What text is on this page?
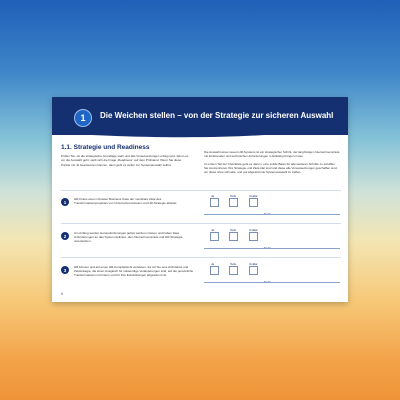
1	Die Weichen stellen – von der Strategie zur sicheren Auswahl
1.1. Strategie und Readiness
Prüfen Sie, ob die strategische Grundlage steht und alle Voraussetzungen erfolgt sind. Wenn es um die Auswahl geht, stellt sich die Frage „Readiness“ auf dem Prüfstand. Wenn Sie diese Punkte mit Ja beantworten können, dann geht es weiter zur Systemauswahl selbst.

Die Auswahl eines neuen HR-Systems ist ein strategischer Schritt, der langfristige Unternehmensziele mit funktionalen und technischen Anforderungen in Einklang bringen muss.

Im ersten Teil der Checkliste geht es darum, eine solide Basis für alle weiteren Schritte zu schaffen. Sie konzentrieren Ihre Strategie und Ziele klar sind und diese alle Voraussetzungen geschaffen sind, um diese ohne schnelle, und gut abgestimmte Systemauswahl zu treffen.

1
HR-Fokus einen robusten Business Case der messbare Ziele des Transformationsprojektes von Unternehmenszielen und HR-Strategie ableitet.
Ja	Teils	Unklar
Notiz
2
Am Anfang werden Herausforderungen gelöst werden müssen und haben klare Anforderungen an das System definiert, die Unternehmensziele und HR-Strategie unterstützen.
Ja	Teils	Unklar
Notiz
3
HR können und auf einen HR-Komplettsicht verlassen, da mit Sie eine Architektur und Zeitstrategie, die einen Ausgleich für notwendige Veränderungen sind, auf die persönliche Transformations und intern und für Ihre Entwicklungen abgestimmt ist.
Ja	Teils	Unklar
Notiz
6
